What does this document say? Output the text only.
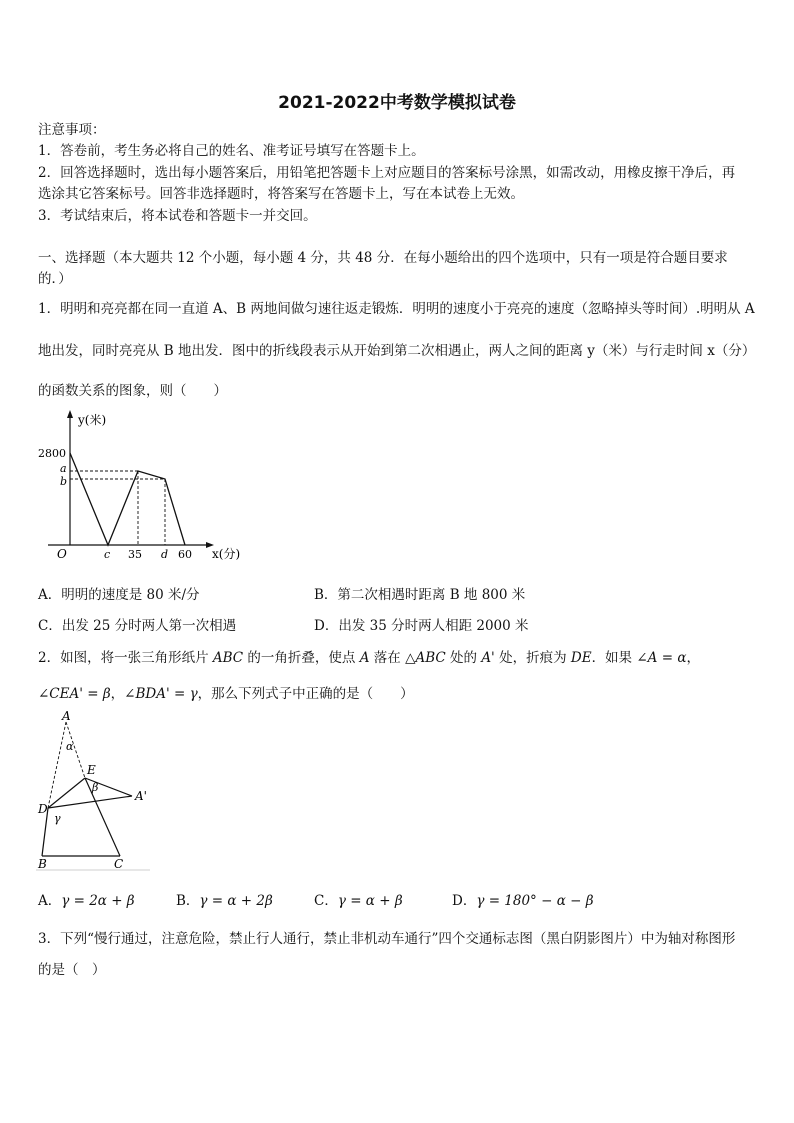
2021-2022中考数学模拟试卷
注意事项：
1．答卷前，考生务必将自己的姓名、准考证号填写在答题卡上。
2．回答选择题时，选出每小题答案后，用铅笔把答题卡上对应题目的答案标号涂黑，如需改动，用橡皮擦干净后，再
选涂其它答案标号。回答非选择题时，将答案写在答题卡上，写在本试卷上无效。
3．考试结束后，将本试卷和答题卡一并交回。
一、选择题（本大题共 12 个小题，每小题 4 分，共 48 分．在每小题给出的四个选项中，只有一项是符合题目要求
的．）
1．明明和亮亮都在同一直道 A、B 两地间做匀速往返走锻炼．明明的速度小于亮亮的速度（忽略掉头等时间）.明明从 A
地出发，同时亮亮从 B 地出发．图中的折线段表示从开始到第二次相遇止，两人之间的距离 y（米）与行走时间 x（分）
的函数关系的图象，则（　　）
y(米)
2800
a
b
O	c 35 d 60 x(分)
A．明明的速度是 80 米/分	B．第二次相遇时距离 B 地 800 米
C．出发 25 分时两人第一次相遇	D．出发 35 分时两人相距 2000 米
2．如图，将一张三角形纸片 ABC 的一角折叠，使点 A 落在 △ABC 处的 A' 处，折痕为 DE．如果 ∠A = α，
∠CEA' = β，∠BDA' = γ，那么下列式子中正确的是（　　）
A
α
E
β
A'
D
γ
B	C
A．γ = 2α + β	B．γ = α + 2β	C．γ = α + β	D．γ = 180° − α − β
3．下列“慢行通过，注意危险，禁止行人通行，禁止非机动车通行”四个交通标志图（黑白阴影图片）中为轴对称图形
的是（　）
